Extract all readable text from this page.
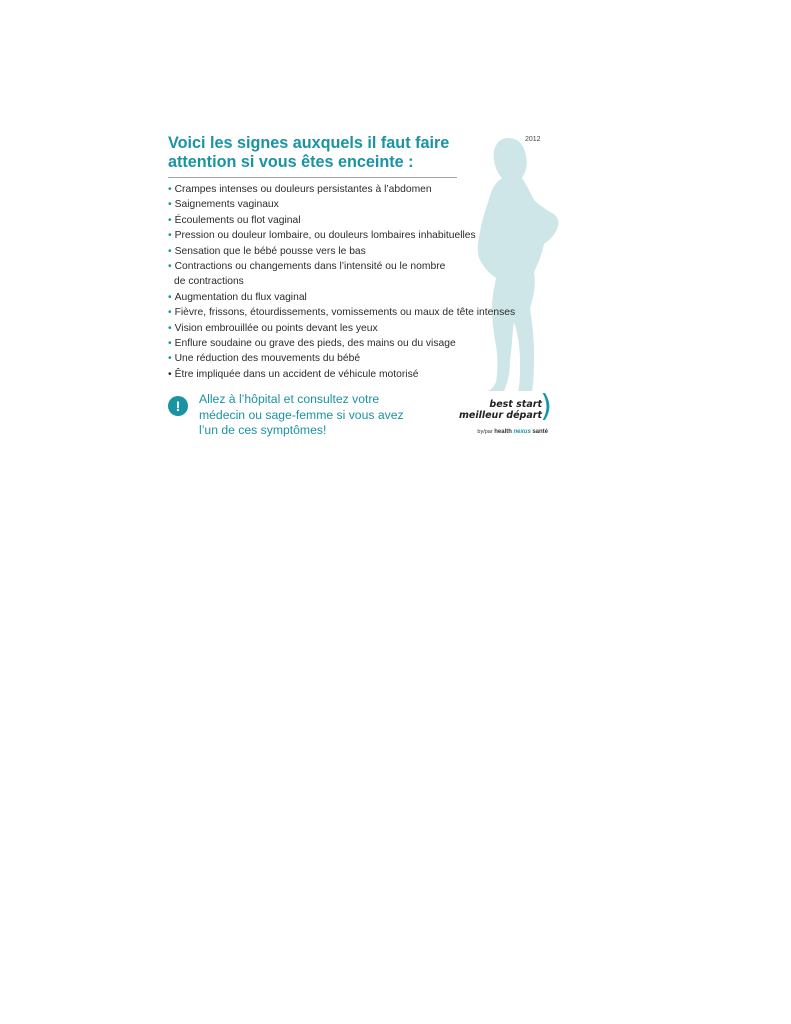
Voici les signes auxquels il faut faire
attention si vous êtes enceinte :
2012
• Crampes intenses ou douleurs persistantes à l’abdomen
• Saignements vaginaux
• Écoulements ou flot vaginal
• Pression ou douleur lombaire, ou douleurs lombaires inhabituelles
• Sensation que le bébé pousse vers le bas
• Contractions ou changements dans l’intensité ou le nombre
de contractions
• Augmentation du flux vaginal
• Fièvre, frissons, étourdissements, vomissements ou maux de tête intenses
• Vision embrouillée ou points devant les yeux
• Enflure soudaine ou grave des pieds, des mains ou du visage
• Une réduction des mouvements du bébé
• Être impliquée dans un accident de véhicule motorisé
!	Allez à l’hôpital et consultez votre
médecin ou sage-femme si vous avez
l’un de ces symptômes!
best start
meilleur départ
)
by/par health nexus santé
